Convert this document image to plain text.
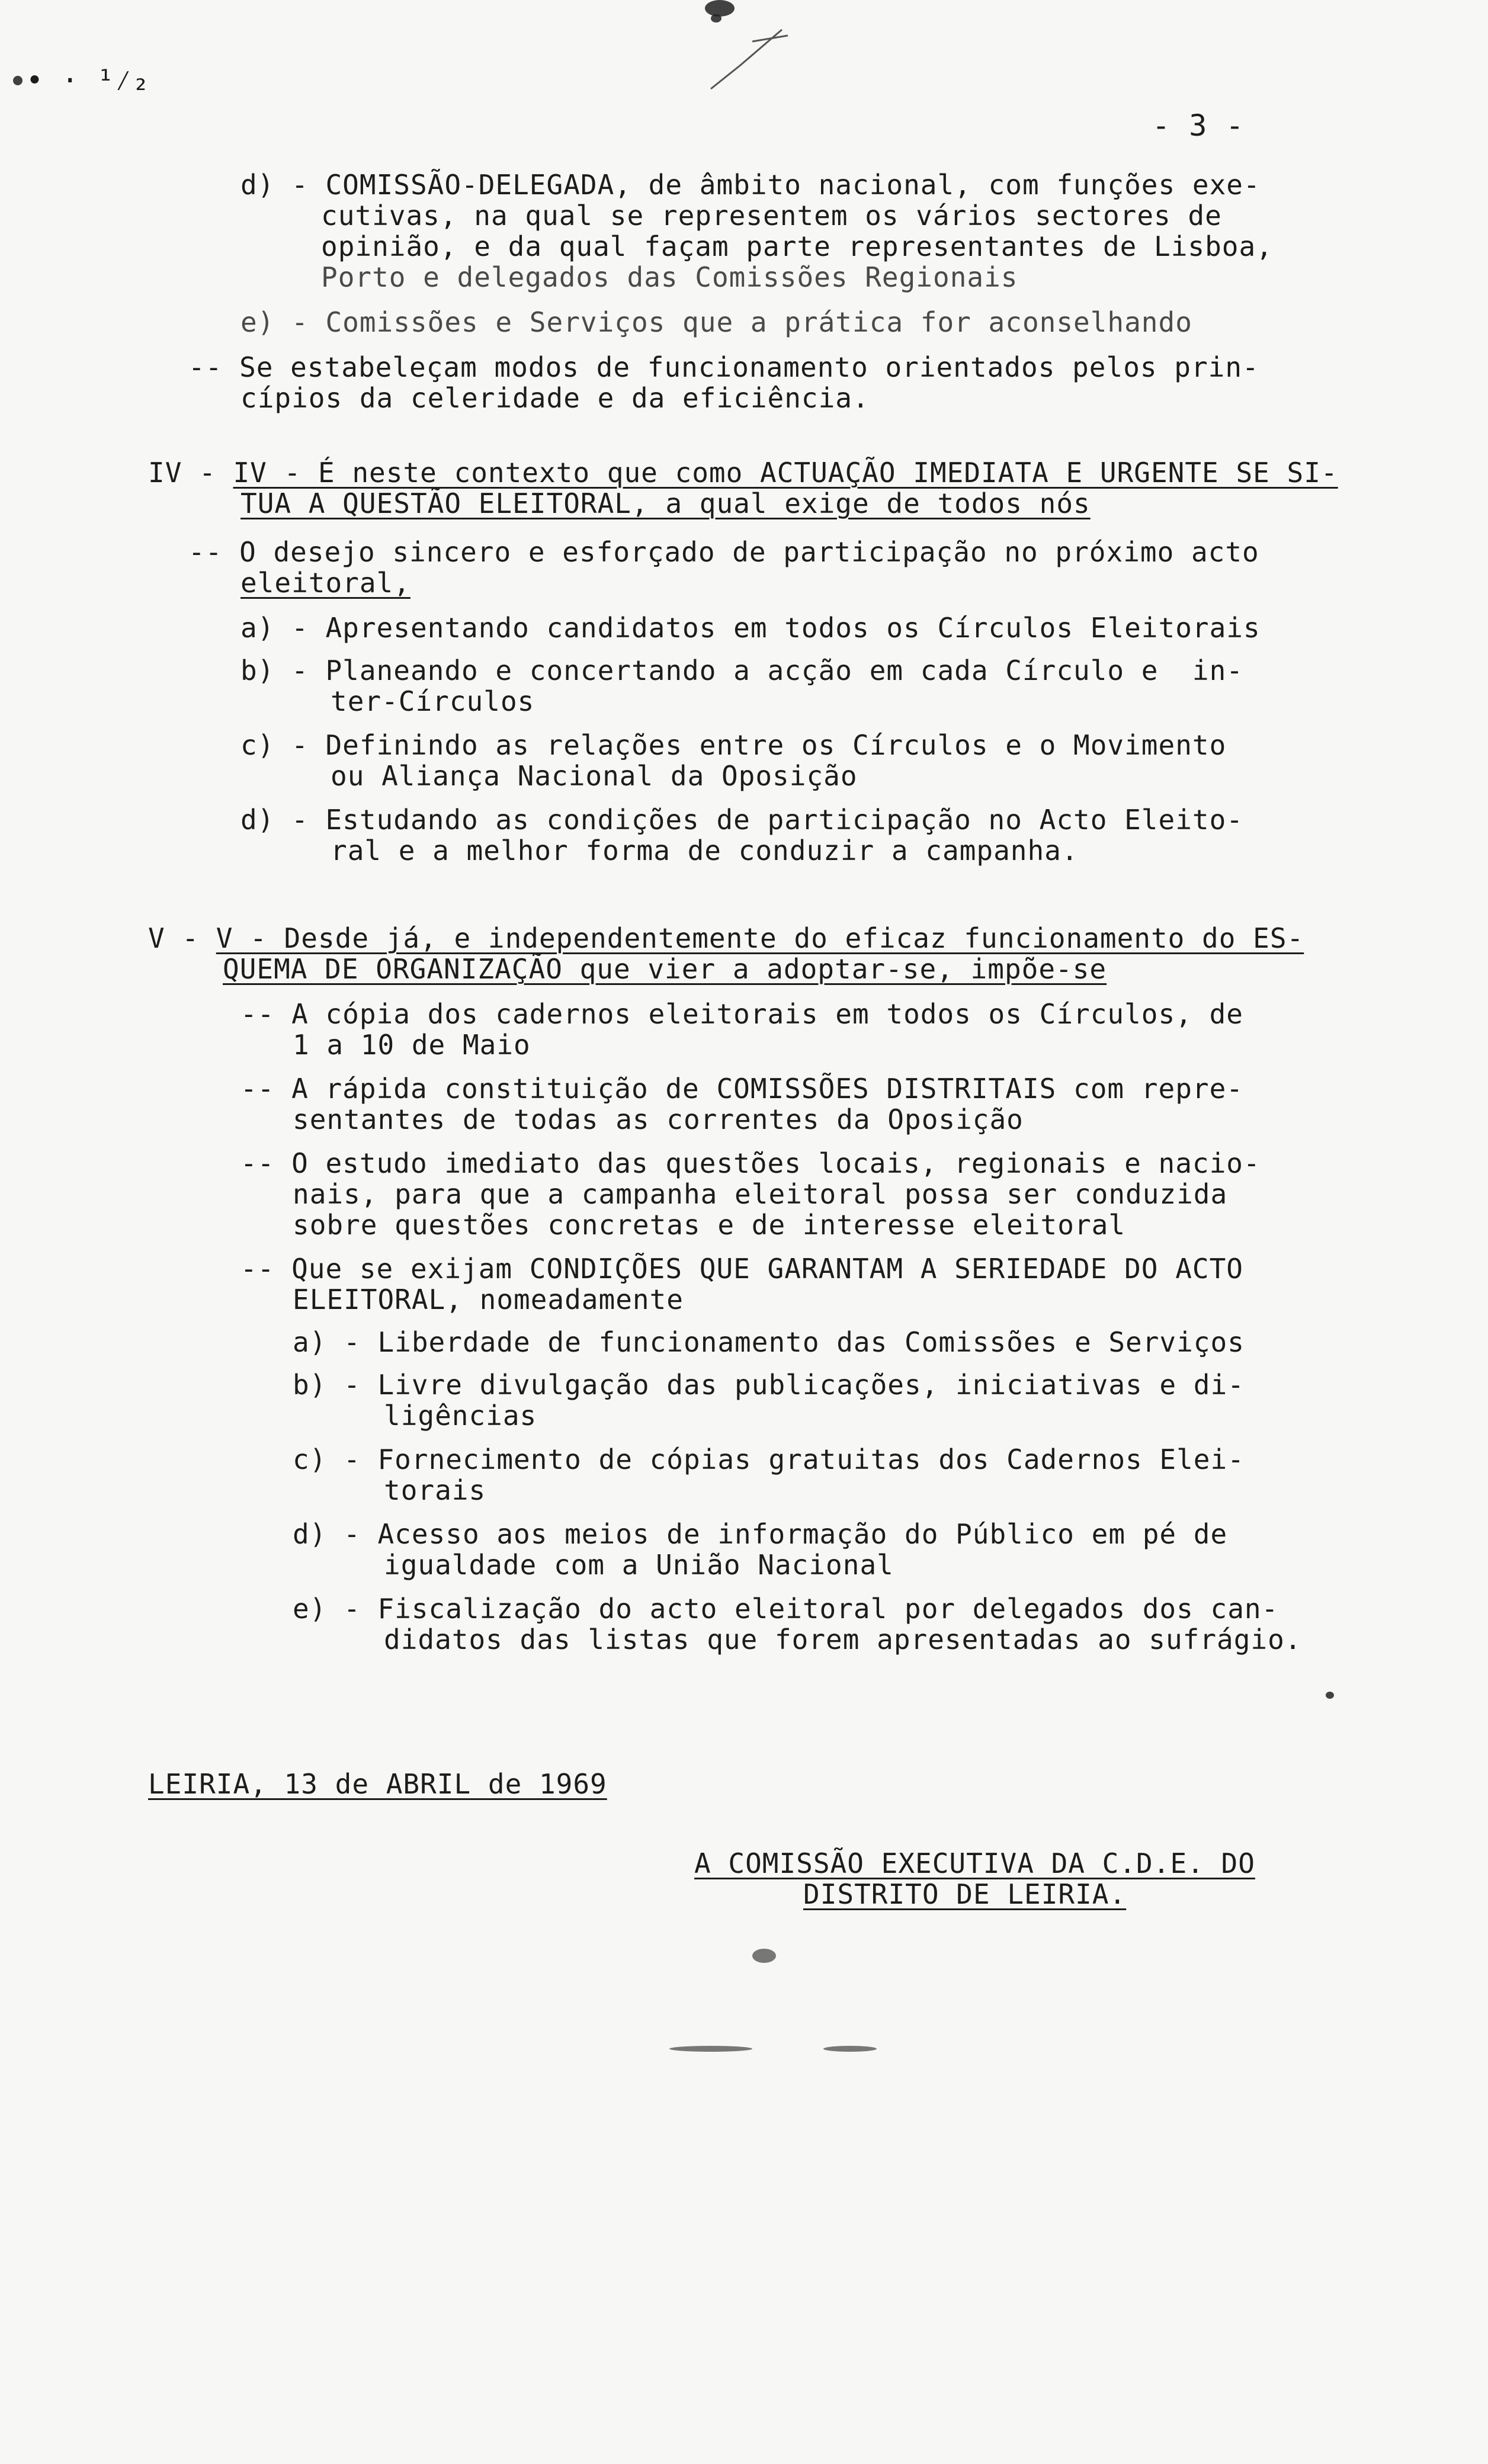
• · ¹⁄₂
- 3 -
d) - COMISSÃO-DELEGADA, de âmbito nacional, com funções exe-
cutivas, na qual se representem os vários sectores de
opinião, e da qual façam parte representantes de Lisboa,
Porto e delegados das Comissões Regionais
e) - Comissões e Serviços que a prática for aconselhando
-- Se estabeleçam modos de funcionamento orientados pelos prin-
cípios da celeridade e da eficiência.
IV - IV - É neste contexto que como ACTUAÇÃO IMEDIATA E URGENTE SE SI-
TUA A QUESTÃO ELEITORAL, a qual exige de todos nós
-- O desejo sincero e esforçado de participação no próximo acto
eleitoral,
a) - Apresentando candidatos em todos os Círculos Eleitorais
b) - Planeando e concertando a acção em cada Círculo e  in-
ter-Círculos
c) - Definindo as relações entre os Círculos e o Movimento
ou Aliança Nacional da Oposição
d) - Estudando as condições de participação no Acto Eleito-
ral e a melhor forma de conduzir a campanha.
V - V - Desde já, e independentemente do eficaz funcionamento do ES-
QUEMA DE ORGANIZAÇÃO que vier a adoptar-se, impõe-se
-- A cópia dos cadernos eleitorais em todos os Círculos, de
1 a 10 de Maio
-- A rápida constituição de COMISSÕES DISTRITAIS com repre-
sentantes de todas as correntes da Oposição
-- O estudo imediato das questões locais, regionais e nacio-
nais, para que a campanha eleitoral possa ser conduzida
sobre questões concretas e de interesse eleitoral
-- Que se exijam CONDIÇÕES QUE GARANTAM A SERIEDADE DO ACTO
ELEITORAL, nomeadamente
a) - Liberdade de funcionamento das Comissões e Serviços
b) - Livre divulgação das publicações, iniciativas e di-
ligências
c) - Fornecimento de cópias gratuitas dos Cadernos Elei-
torais
d) - Acesso aos meios de informação do Público em pé de
igualdade com a União Nacional
e) - Fiscalização do acto eleitoral por delegados dos can-
didatos das listas que forem apresentadas ao sufrágio.
LEIRIA, 13 de ABRIL de 1969
A COMISSÃO EXECUTIVA DA C.D.E. DO
DISTRITO DE LEIRIA.
